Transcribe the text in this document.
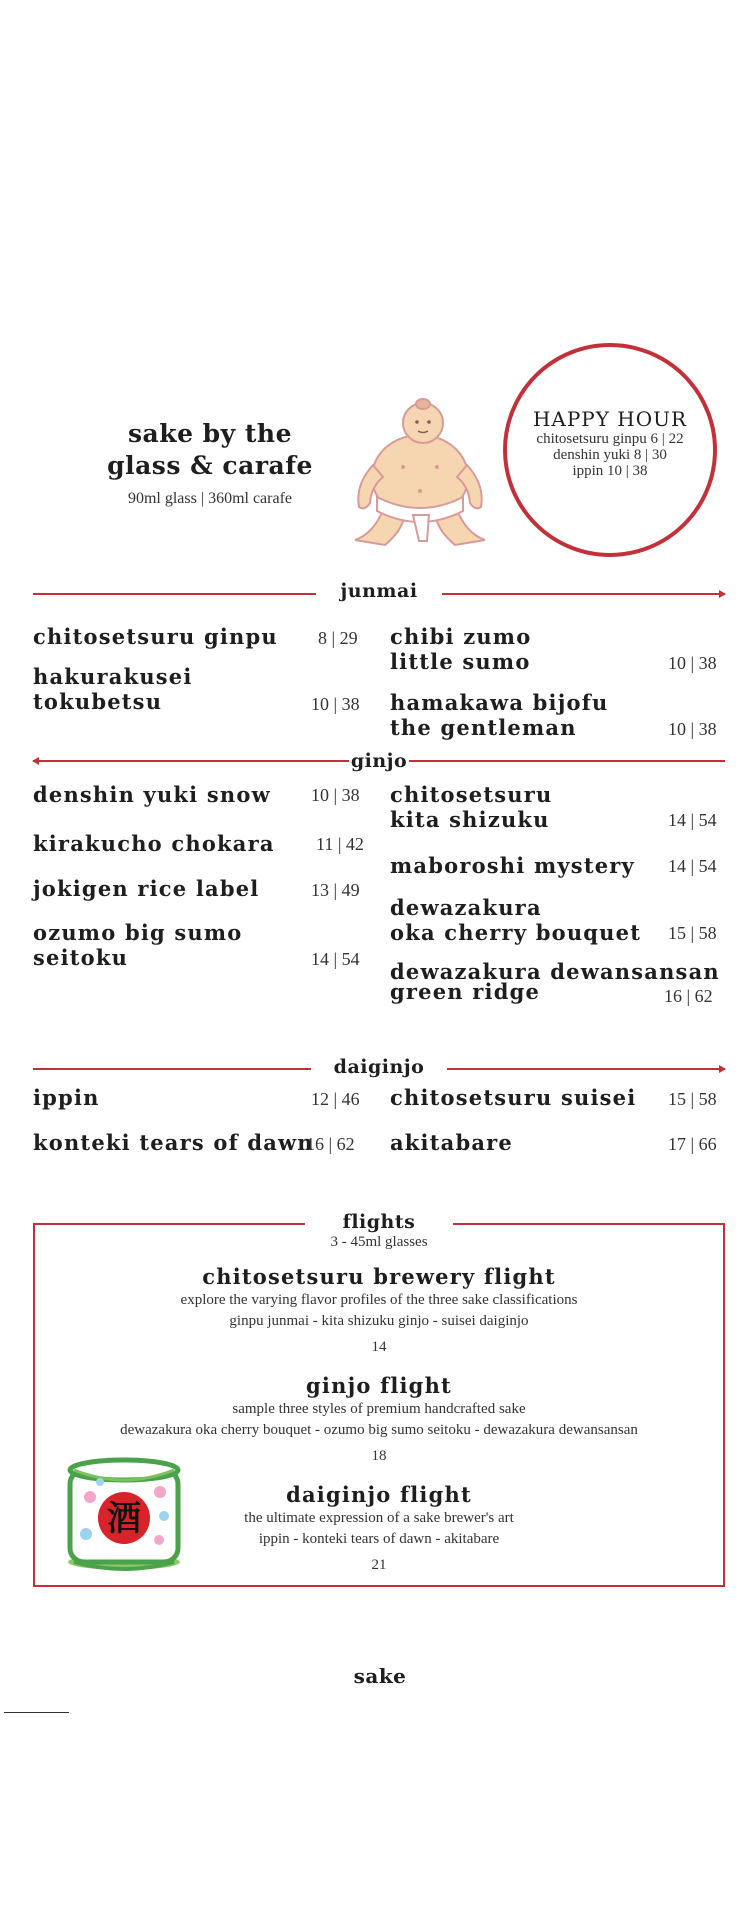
sake by the
glass & carafe
90ml glass | 360ml carafe
HAPPY HOUR
chitosetsuru ginpu 6 | 22
denshin yuki 8 | 30
ippin 10 | 38
junmai
chitosetsuru ginpu 8 | 29
hakurakusei
tokubetsu	10 | 38
chibi zumo
little sumo	10 | 38
hamakawa bijofu
the gentleman	10 | 38
ginjo
denshin yuki snow 10 | 38
kirakucho chokara 11 | 42
jokigen rice label	13 | 49
ozumo big sumo
seitoku	14 | 54
chitosetsuru
kita shizuku	14 | 54
maboroshi mystery 14 | 54
dewazakura
oka cherry bouquet 15 | 58
dewazakura dewansansan
green ridge	16 | 62
daiginjo
ippin	12 | 46
konteki tears of dawn
16 | 62
chitosetsuru suisei 15 | 58
akitabare	17 | 66
flights
3 - 45ml glasses
chitosetsuru brewery flight
explore the varying flavor profiles of the three sake classifications
ginpu junmai - kita shizuku ginjo - suisei daiginjo
14
ginjo flight
sample three styles of premium handcrafted sake
dewazakura oka cherry bouquet - ozumo big sumo seitoku - dewazakura dewansansan
18
daiginjo flight
the ultimate expression of a sake brewer's art
ippin - konteki tears of dawn - akitabare
21
酒
sake
